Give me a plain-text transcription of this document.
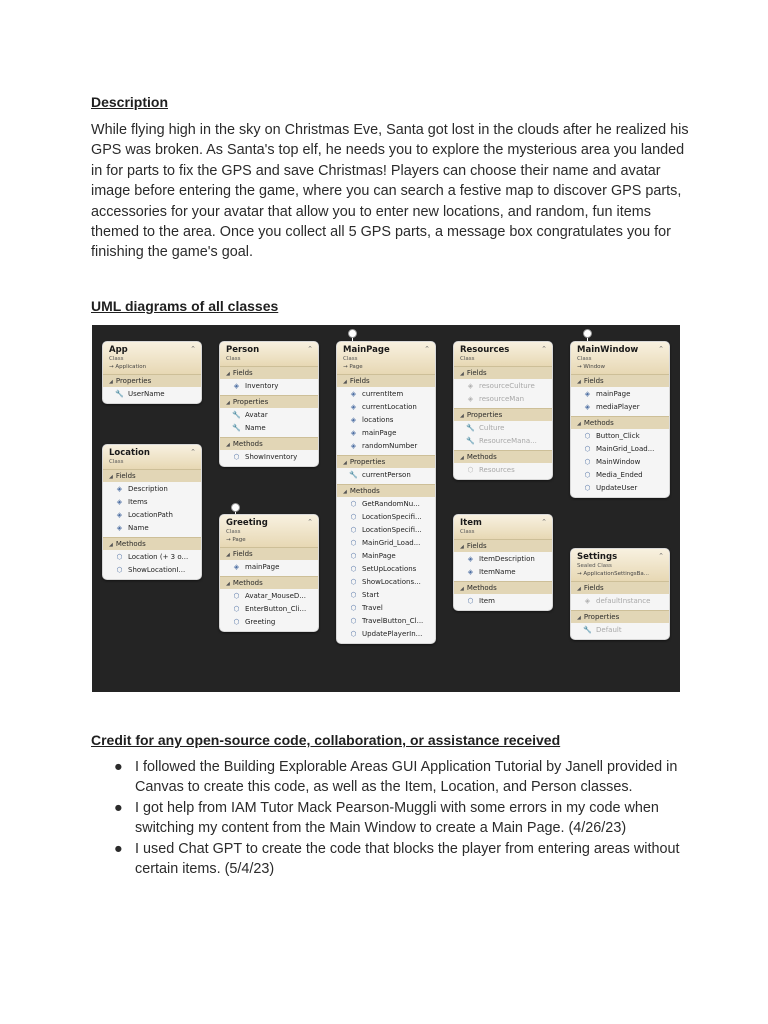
Description

While flying high in the sky on Christmas Eve, Santa got lost in the clouds after he realized his GPS was broken. As Santa's top elf, he needs you to explore the mysterious area you landed in for parts to fix the GPS and save Christmas! Players can choose their name and avatar image before entering the game, where you can search a festive map to discover GPS parts, accessories for your avatar that allow you to enter new locations, and random, fun items themed to the area. Once you collect all 5 GPS parts, a message box congratulates you for finishing the game's goal.

UML diagrams of all classes
App
Class
→ Application
⌃
◢ Properties
🔧 UserName
Location
Class
⌃
◢ Fields
◈ Description
◈ Items
◈ LocationPath
◈ Name
◢ Methods
⬡ Location (+ 3 o...
⬡ ShowLocationI...
Person
Class
⌃
◢ Fields
◈ Inventory
◢ Properties
🔧 Avatar
🔧 Name
◢ Methods
⬡ ShowInventory
Greeting
Class
→ Page
⌃
◢ Fields
◈ mainPage
◢ Methods
⬡ Avatar_MouseD...
⬡ EnterButton_Cli...
⬡ Greeting
MainPage
Class
→ Page
⌃
◢ Fields
◈ currentItem
◈ currentLocation
◈ locations
◈ mainPage
◈ randomNumber
◢ Properties
🔧 currentPerson
◢ Methods
⬡ GetRandomNu...
⬡ LocationSpecifi...
⬡ LocationSpecifi...
⬡ MainGrid_Load...
⬡ MainPage
⬡ SetUpLocations
⬡ ShowLocations...
⬡ Start
⬡ Travel
⬡ TravelButton_Cl...
⬡ UpdatePlayerIn...
Resources
Class
⌃
◢ Fields
◈ resourceCulture
◈ resourceMan
◢ Properties
🔧 Culture
🔧 ResourceMana...
◢ Methods
⬡ Resources
Item
Class
⌃
◢ Fields
◈ ItemDescription
◈ ItemName
◢ Methods
⬡ Item
MainWindow
Class
→ Window
⌃
◢ Fields
◈ mainPage
◈ mediaPlayer
◢ Methods
⬡ Button_Click
⬡ MainGrid_Load...
⬡ MainWindow
⬡ Media_Ended
⬡ UpdateUser
Settings
Sealed Class
→ ApplicationSettingsBa...
⌃
◢ Fields
◈ defaultInstance
◢ Properties
🔧 Default
Credit for any open-source code, collaboration, or assistance received
● I followed the Building Explorable Areas GUI Application Tutorial by Janell provided in Canvas to create this code, as well as the Item, Location, and Person classes.
● I got help from IAM Tutor Mack Pearson-Muggli with some errors in my code when switching my content from the Main Window to create a Main Page. (4/26/23)
● I used Chat GPT to create the code that blocks the player from entering areas without certain items. (5/4/23)
